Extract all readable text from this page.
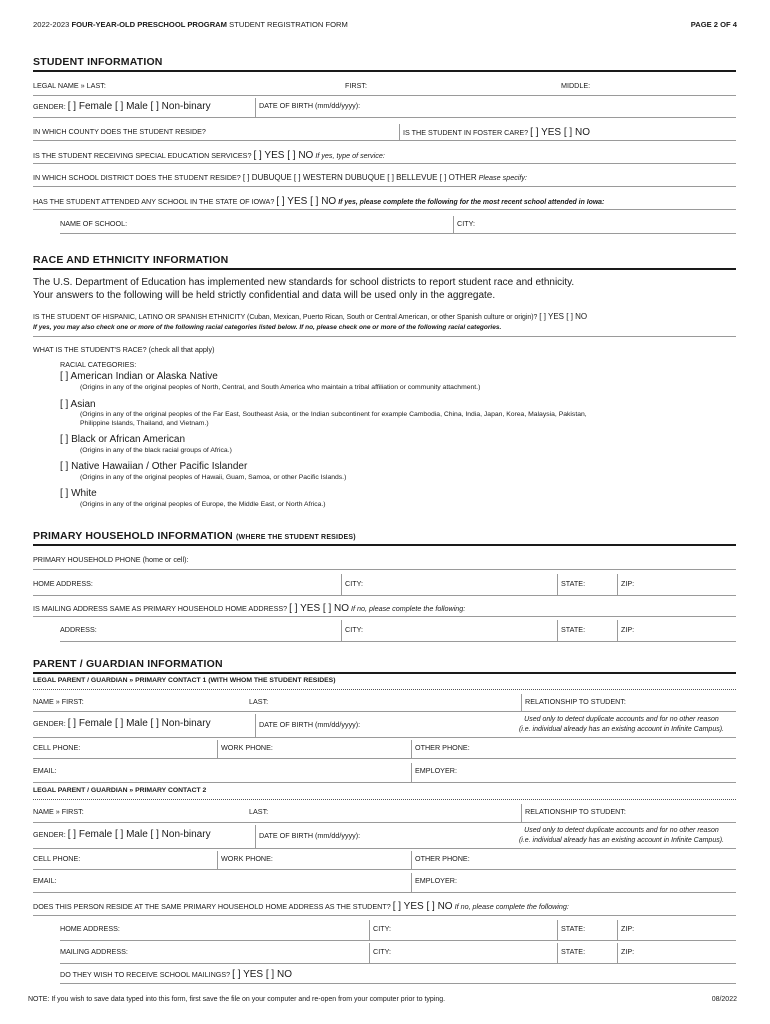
2022-2023 FOUR-YEAR-OLD PRESCHOOL PROGRAM STUDENT REGISTRATION FORM	PAGE 2 OF 4
STUDENT INFORMATION
LEGAL NAME » LAST:	FIRST:	MIDDLE:
GENDER: [ ] Female [ ] Male [ ] Non-binary	DATE OF BIRTH (mm/dd/yyyy):
IN WHICH COUNTY DOES THE STUDENT RESIDE?	IS THE STUDENT IN FOSTER CARE? [ ] YES [ ] NO
IS THE STUDENT RECEIVING SPECIAL EDUCATION SERVICES? [ ] YES [ ] NO If yes, type of service:
IN WHICH SCHOOL DISTRICT DOES THE STUDENT RESIDE? [ ] DUBUQUE [ ] WESTERN DUBUQUE [ ] BELLEVUE [ ] OTHER Please specify:
HAS THE STUDENT ATTENDED ANY SCHOOL IN THE STATE OF IOWA? [ ] YES [ ] NO If yes, please complete the following for the most recent school attended in Iowa:
NAME OF SCHOOL:	CITY:
RACE AND ETHNICITY INFORMATION
The U.S. Department of Education has implemented new standards for school districts to report student race and ethnicity.
Your answers to the following will be held strictly confidential and data will be used only in the aggregate.
IS THE STUDENT OF HISPANIC, LATINO OR SPANISH ETHNICITY (Cuban, Mexican, Puerto Rican, South or Central American, or other Spanish culture or origin)? [ ] YES [ ] NO
If yes, you may also check one or more of the following racial categories listed below. If no, please check one or more of the following racial categories.
WHAT IS THE STUDENT'S RACE? (check all that apply)
RACIAL CATEGORIES:
[ ] American Indian or Alaska Native
(Origins in any of the original peoples of North, Central, and South America who maintain a tribal affiliation or community attachment.)
[ ] Asian
(Origins in any of the original peoples of the Far East, Southeast Asia, or the Indian subcontinent for example Cambodia, China, India, Japan, Korea, Malaysia, Pakistan,
Philippine Islands, Thailand, and Vietnam.)
[ ] Black or African American
(Origins in any of the black racial groups of Africa.)
[ ] Native Hawaiian / Other Pacific Islander
(Origins in any of the original peoples of Hawaii, Guam, Samoa, or other Pacific Islands.)
[ ] White
(Origins in any of the original peoples of Europe, the Middle East, or North Africa.)
PRIMARY HOUSEHOLD INFORMATION (WHERE THE STUDENT RESIDES)
PRIMARY HOUSEHOLD PHONE (home or cell):
HOME ADDRESS:	CITY:	STATE:	ZIP:
IS MAILING ADDRESS SAME AS PRIMARY HOUSEHOLD HOME ADDRESS? [ ] YES [ ] NO If no, please complete the following:
ADDRESS:	CITY:	STATE:	ZIP:
PARENT / GUARDIAN INFORMATION
LEGAL PARENT / GUARDIAN » PRIMARY CONTACT 1 (WITH WHOM THE STUDENT RESIDES)
NAME » FIRST:	LAST:	RELATIONSHIP TO STUDENT:
GENDER: [ ] Female [ ] Male [ ] Non-binary	DATE OF BIRTH (mm/dd/yyyy):
Used only to detect duplicate accounts and for no other reason
(i.e. individual already has an existing account in Infinite Campus).
CELL PHONE:	WORK PHONE:	OTHER PHONE:
EMAIL:	EMPLOYER:
LEGAL PARENT / GUARDIAN » PRIMARY CONTACT 2
NAME » FIRST:	LAST:	RELATIONSHIP TO STUDENT:
GENDER: [ ] Female [ ] Male [ ] Non-binary	DATE OF BIRTH (mm/dd/yyyy):
Used only to detect duplicate accounts and for no other reason
(i.e. individual already has an existing account in Infinite Campus).
CELL PHONE:	WORK PHONE:	OTHER PHONE:
EMAIL:	EMPLOYER:
DOES THIS PERSON RESIDE AT THE SAME PRIMARY HOUSEHOLD HOME ADDRESS AS THE STUDENT? [ ] YES [ ] NO If no, please complete the following:
HOME ADDRESS:	CITY:	STATE:	ZIP:
MAILING ADDRESS:	CITY:	STATE:	ZIP:
DO THEY WISH TO RECEIVE SCHOOL MAILINGS? [ ] YES [ ] NO
NOTE: If you wish to save data typed into this form, first save the file on your computer and re-open from your computer prior to typing.	08/2022
